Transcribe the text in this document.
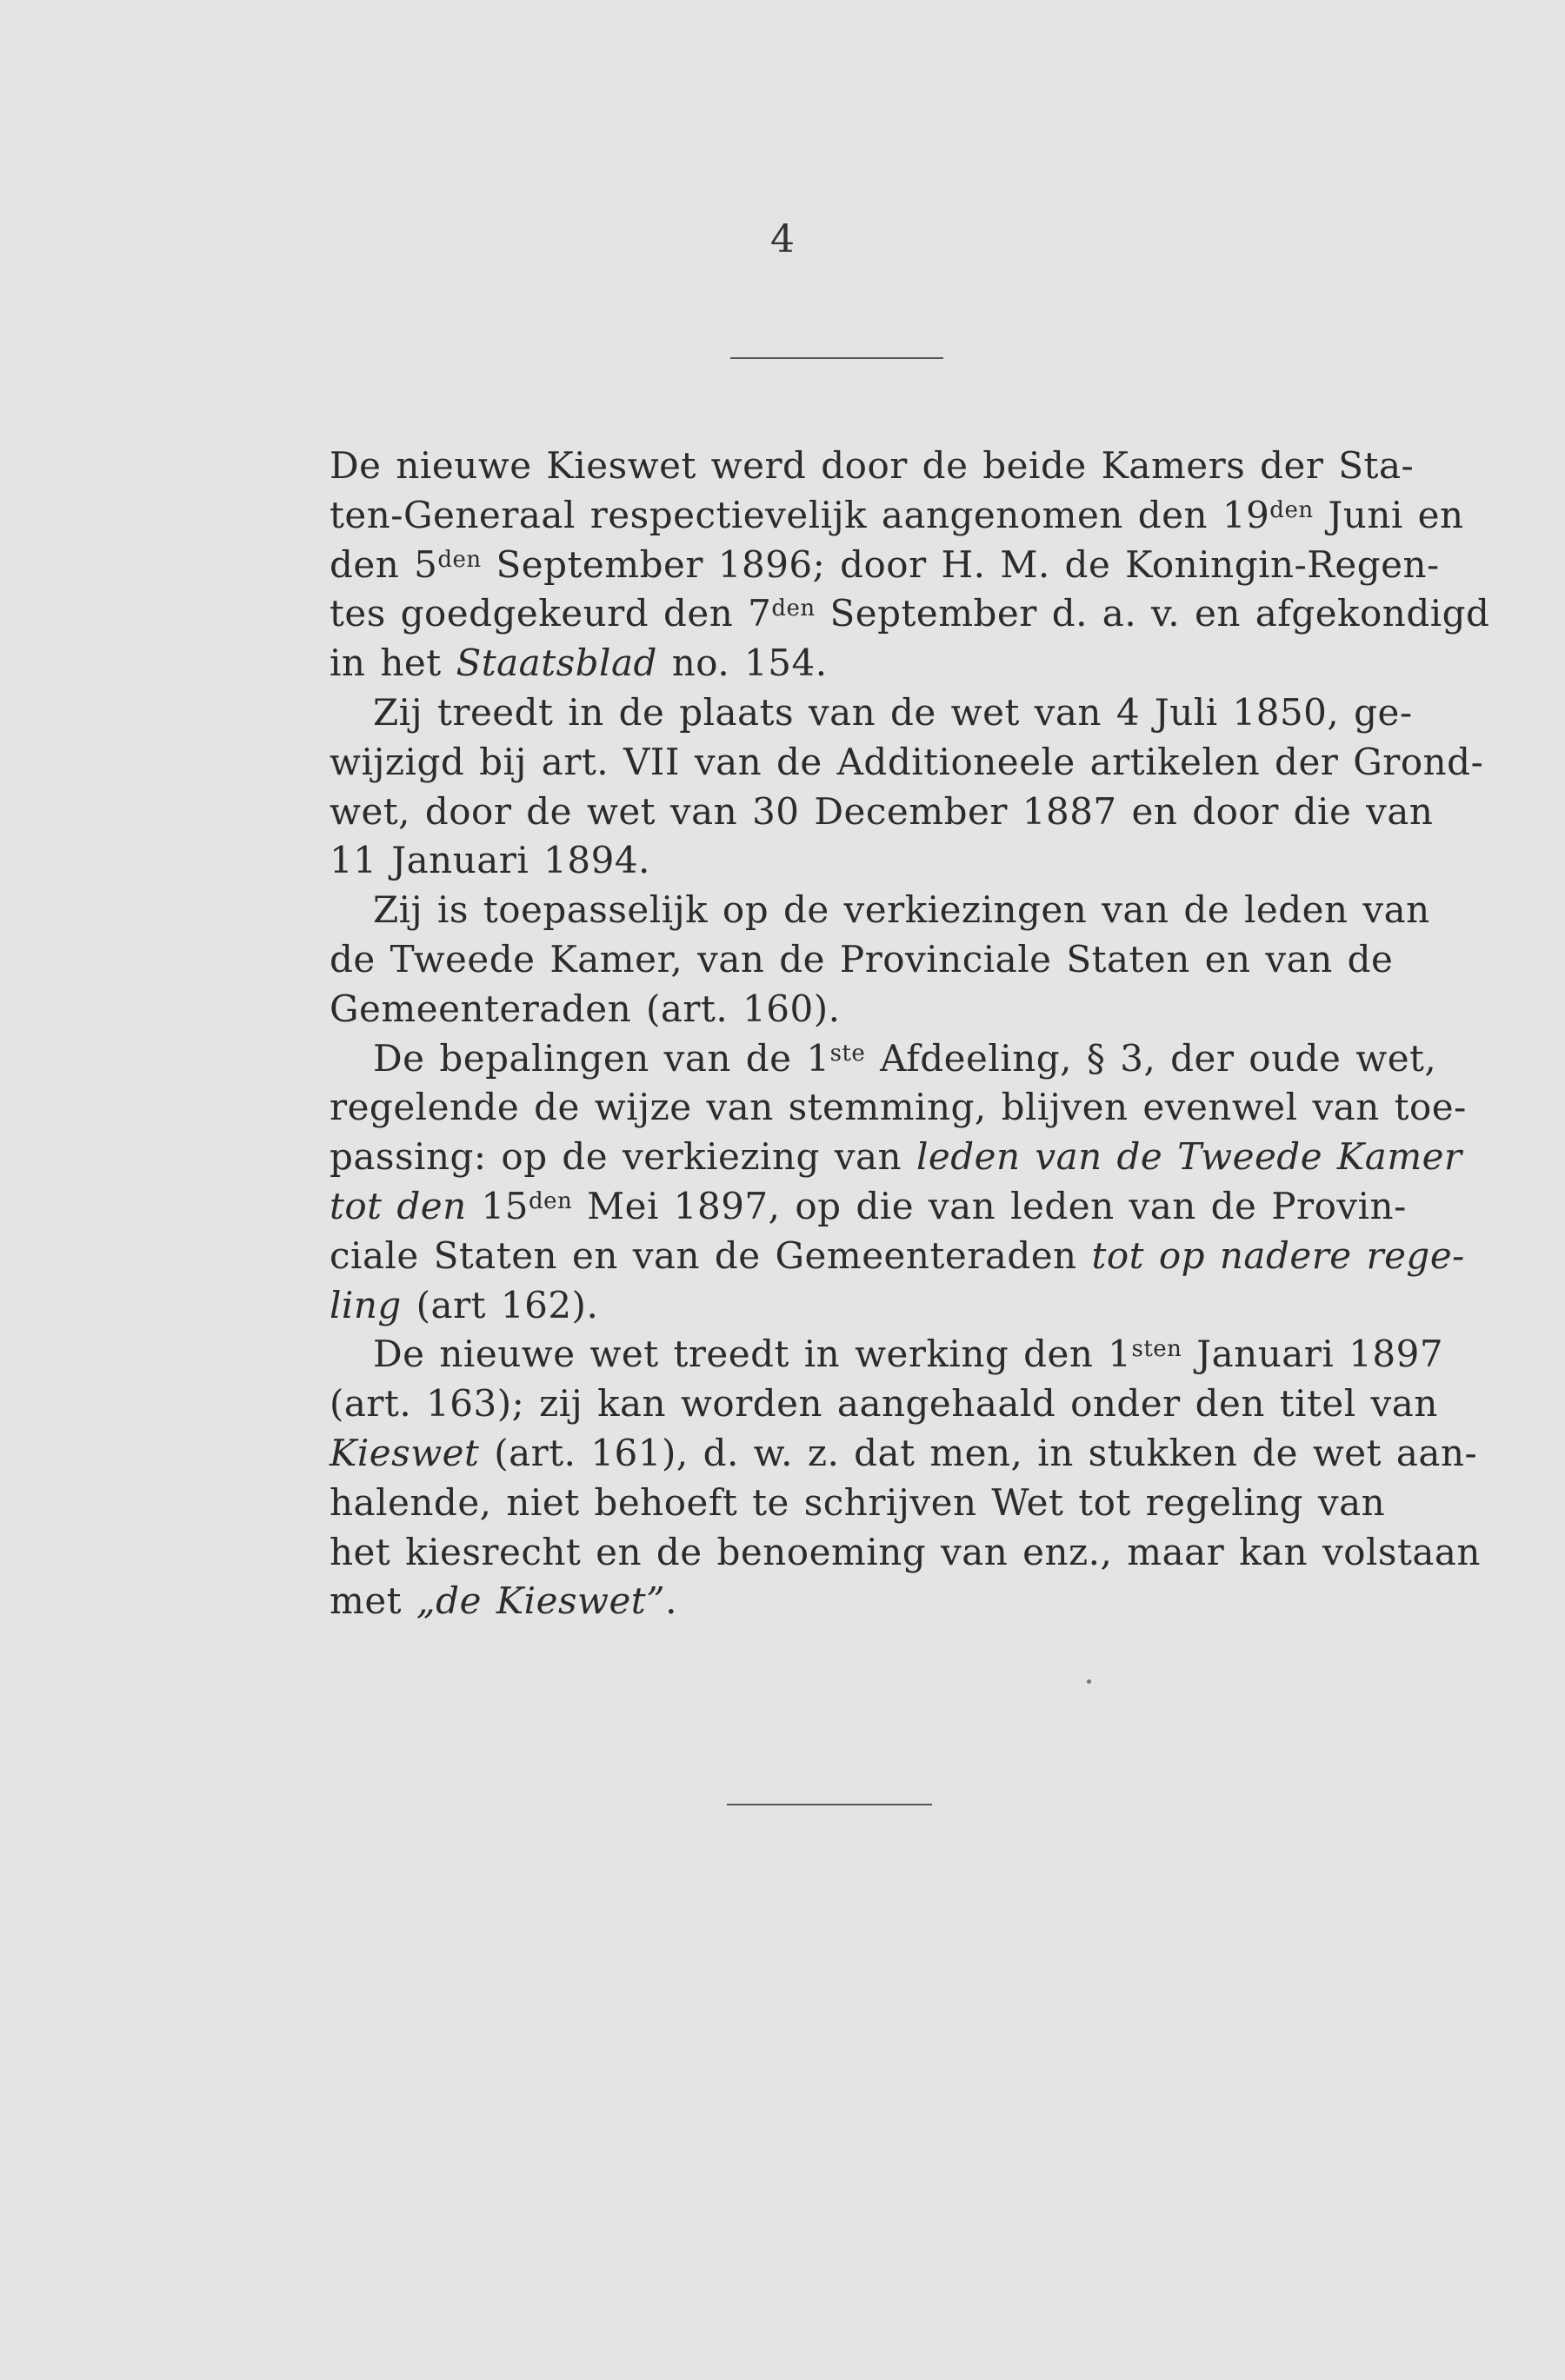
4

De nieuwe Kieswet werd door de beide Kamers der Sta-
ten-Generaal respectievelijk aangenomen den $19^{den}$ Juni en
den $5^{den}$ September 1896; door H. M. de Koningin-Regen-
tes goedgekeurd den $7^{den}$ September d. a. v. en afgekondigd
in het Staatsblad no. 154.

Zij treedt in de plaats van de wet van 4 Juli 1850, ge-
wijzigd bij art. VII van de Additioneele artikelen der Grond-
wet, door de wet van 30 December 1887 en door die van
11 Januari 1894.

Zij is toepasselijk op de verkiezingen van de leden van
de Tweede Kamer, van de Provinciale Staten en van de
Gemeenteraden (art. 160).

De bepalingen van de 1ste Afdeeling, § 3, der oude wet,
regelende de wijze van stemming, blijven evenwel van toe-
passing: op de verkiezing van leden van de Tweede Kamer
tot den $15^{den}$ Mei 1897, op die van leden van de Provin-
ciale Staten en van de Gemeenteraden tot op nadere rege-
ling (art 162).

De nieuwe wet treedt in werking den $1^{sten}$ Januari 1897
(art. 163); zij kan worden aangehaald onder den titel van
Kieswet (art. 161), d. w. z. dat men, in stukken de wet aan-
halende, niet behoeft te schrijven Wet tot regeling van
het kiesrecht en de benoeming van enz., maar kan volstaan
met „de Kieswet”.
